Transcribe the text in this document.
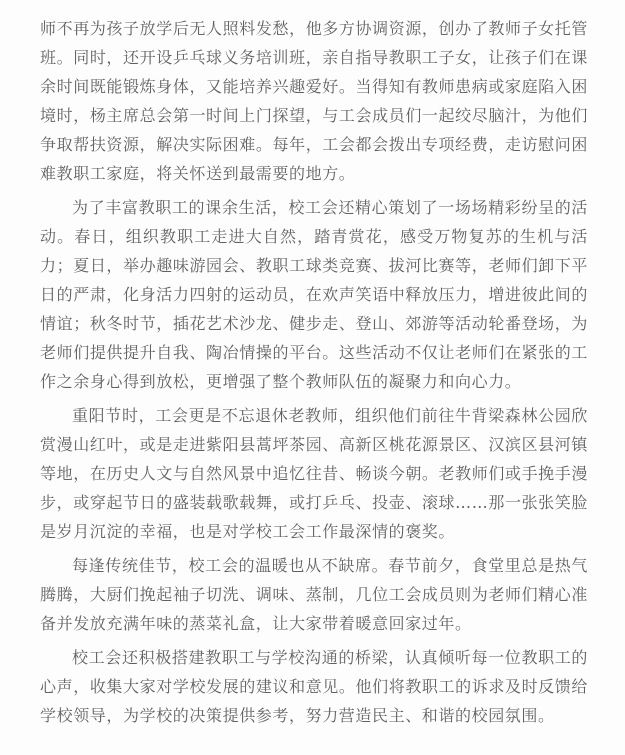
师不再为孩子放学后无人照料发愁，他多方协调资源，创办了教师子女托管班。同时，还开设乒乓球义务培训班，亲自指导教职工子女，让孩子们在课余时间既能锻炼身体，又能培养兴趣爱好。当得知有教师患病或家庭陷入困境时，杨主席总会第一时间上门探望，与工会成员们一起绞尽脑汁，为他们争取帮扶资源，解决实际困难。每年，工会都会拨出专项经费，走访慰问困难教职工家庭，将关怀送到最需要的地方。

为了丰富教职工的课余生活，校工会还精心策划了一场场精彩纷呈的活动。春日，组织教职工走进大自然，踏青赏花，感受万物复苏的生机与活力；夏日，举办趣味游园会、教职工球类竞赛、拔河比赛等，老师们卸下平日的严肃，化身活力四射的运动员，在欢声笑语中释放压力，增进彼此间的情谊；秋冬时节，插花艺术沙龙、健步走、登山、郊游等活动轮番登场，为老师们提供提升自我、陶冶情操的平台。这些活动不仅让老师们在紧张的工作之余身心得到放松，更增强了整个教师队伍的凝聚力和向心力。

重阳节时，工会更是不忘退休老教师，组织他们前往牛背梁森林公园欣赏漫山红叶，或是走进紫阳县蒿坪茶园、高新区桃花源景区、汉滨区县河镇等地，在历史人文与自然风景中追忆往昔、畅谈今朝。老教师们或手挽手漫步，或穿起节日的盛装载歌载舞，或打乒乓、投壶、滚球……那一张张笑脸是岁月沉淀的幸福，也是对学校工会工作最深情的褒奖。

每逢传统佳节，校工会的温暖也从不缺席。春节前夕，食堂里总是热气腾腾，大厨们挽起袖子切洗、调味、蒸制，几位工会成员则为老师们精心准备并发放充满年味的蒸菜礼盒，让大家带着暖意回家过年。

校工会还积极搭建教职工与学校沟通的桥梁，认真倾听每一位教职工的心声，收集大家对学校发展的建议和意见。他们将教职工的诉求及时反馈给学校领导，为学校的决策提供参考，努力营造民主、和谐的校园氛围。
